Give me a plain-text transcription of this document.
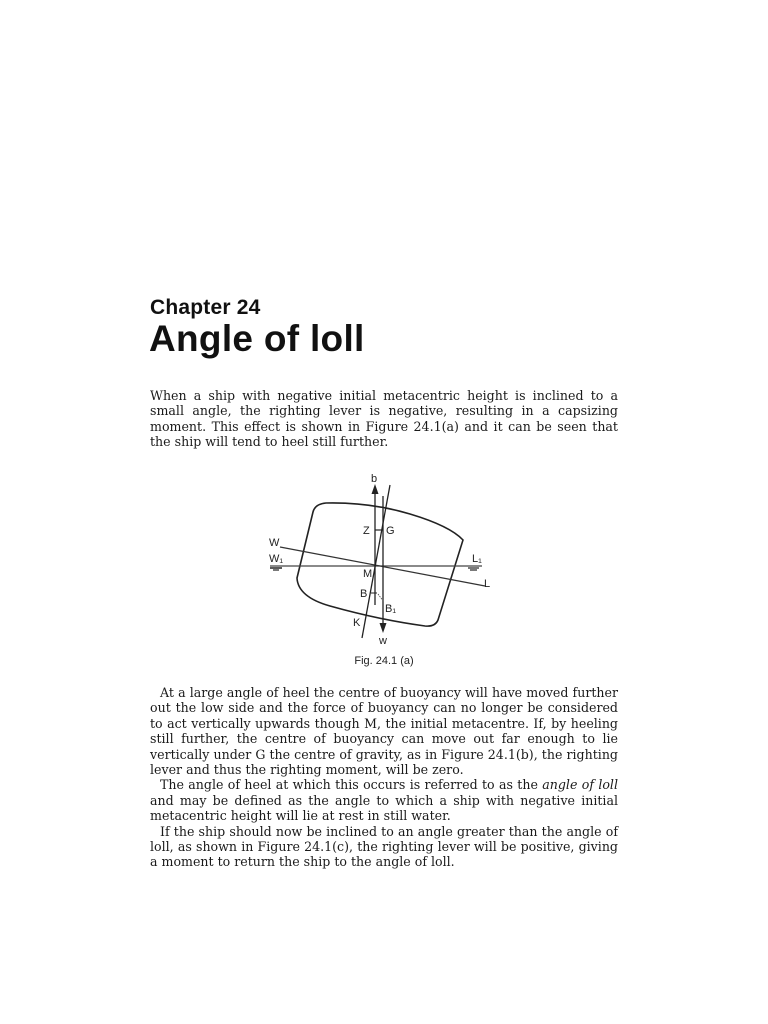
Chapter 24
Angle of loll

When a ship with negative initial metacentric height is inclined to a small angle, the righting lever is negative, resulting in a capsizing moment. This effect is shown in Figure 24.1(a) and it can be seen that the ship will tend to heel still further.

b
Z G
W
W₁	L₁
L
M
B
B₁
K
w
Fig. 24.1 (a)

At a large angle of heel the centre of buoyancy will have moved further out the low side and the force of buoyancy can no longer be considered to act vertically upwards though M, the initial metacentre. If, by heeling still further, the centre of buoyancy can move out far enough to lie vertically under G the centre of gravity, as in Figure 24.1(b), the righting lever and thus the righting moment, will be zero.

The angle of heel at which this occurs is referred to as the angle of loll and may be defined as the angle to which a ship with negative initial metacentric height will lie at rest in still water.

If the ship should now be inclined to an angle greater than the angle of loll, as shown in Figure 24.1(c), the righting lever will be positive, giving a moment to return the ship to the angle of loll.
